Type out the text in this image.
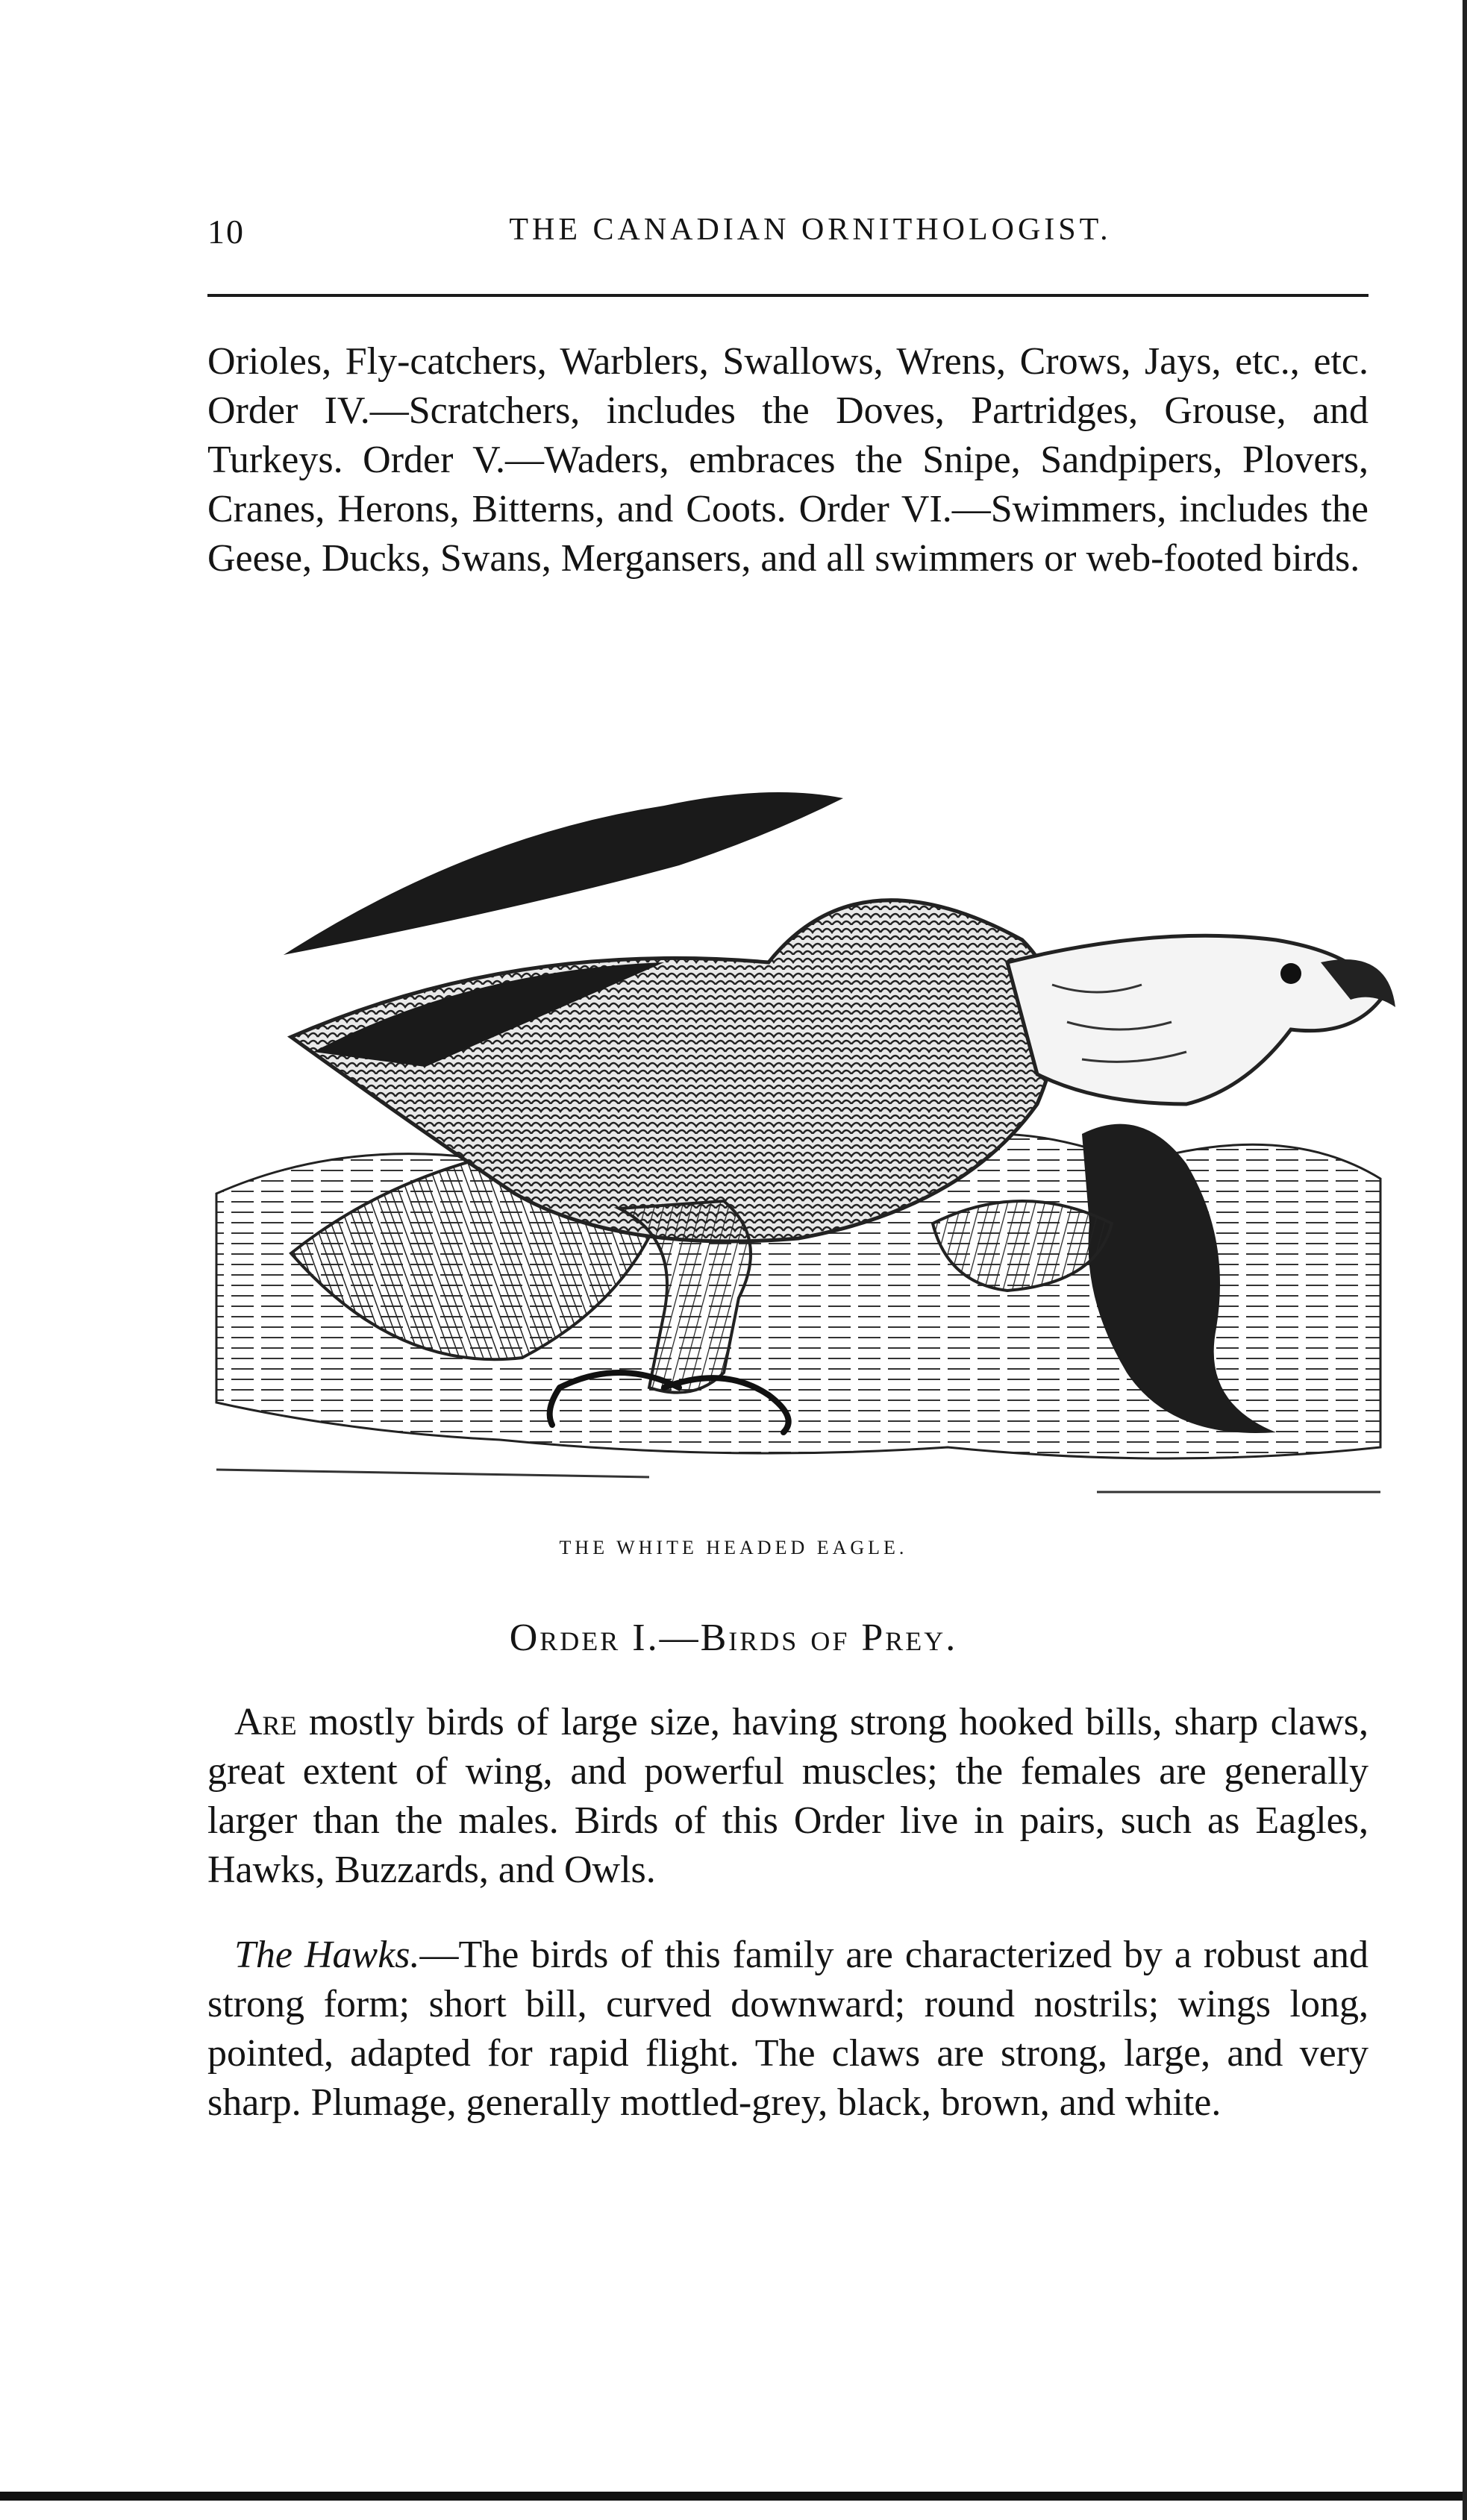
10	THE CANADIAN ORNITHOLOGIST.

Orioles, Fly-catchers, Warblers, Swallows, Wrens, Crows, Jays, etc., etc. Order IV.—Scratchers, includes the Doves, Partridges, Grouse, and Turkeys. Order V.—Waders, embraces the Snipe, Sandpipers, Plovers, Cranes, Herons, Bitterns, and Coots. Order VI.—Swimmers, includes the Geese, Ducks, Swans, Mergansers, and all swimmers or web-footed birds.

THE WHITE HEADED EAGLE.
Order I.—Birds of Prey.

Are mostly birds of large size, having strong hooked bills, sharp claws, great extent of wing, and powerful muscles; the females are generally larger than the males. Birds of this Order live in pairs, such as Eagles, Hawks, Buzzards, and Owls.

The Hawks.—The birds of this family are characterized by a robust and strong form; short bill, curved downward; round nostrils; wings long, pointed, adapted for rapid flight. The claws are strong, large, and very sharp. Plumage, generally mottled-grey, black, brown, and white.
